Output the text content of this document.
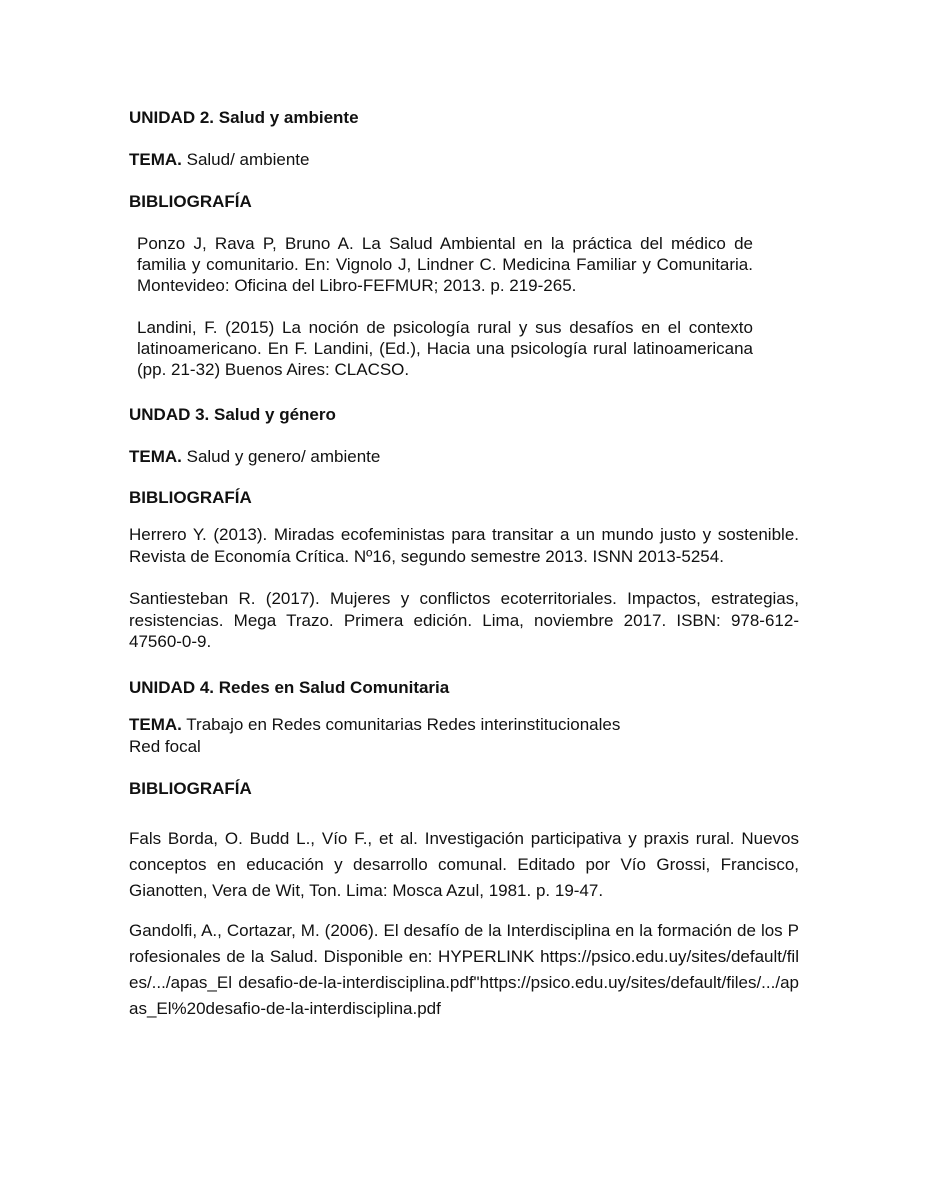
UNIDAD 2. Salud y ambiente
TEMA. Salud/ ambiente
BIBLIOGRAFÍA

Ponzo J, Rava P, Bruno A. La Salud Ambiental en la práctica del médico de familia y comunitario. En: Vignolo J, Lindner C. Medicina Familiar y Comunitaria. Montevideo: Oficina del Libro-FEFMUR; 2013. p. 219-265.

Landini, F. (2015) La noción de psicología rural y sus desafíos en el contexto latinoamericano. En F. Landini, (Ed.), Hacia una psicología rural latinoamericana (pp. 21-32) Buenos Aires: CLACSO.

UNDAD 3. Salud y género
TEMA. Salud y genero/ ambiente
BIBLIOGRAFÍA

Herrero Y. (2013). Miradas ecofeministas para transitar a un mundo justo y sostenible. Revista de Economía Crítica. Nº16, segundo semestre 2013. ISNN 2013-5254.

Santiesteban R. (2017). Mujeres y conflictos ecoterritoriales. Impactos, estrategias, resistencias. Mega Trazo. Primera edición. Lima, noviembre 2017. ISBN: 978-612-47560-0-9.

UNIDAD 4. Redes en Salud Comunitaria
TEMA. Trabajo en Redes comunitarias Redes interinstitucionales
Red focal
BIBLIOGRAFÍA

Fals Borda, O. Budd L., Vío F., et al. Investigación participativa y praxis rural. Nuevos conceptos en educación y desarrollo comunal. Editado por Vío Grossi, Francisco, Gianotten, Vera de Wit, Ton. Lima: Mosca Azul, 1981. p. 19-47.

Gandolfi, A., Cortazar, M. (2006). El desafío de la Interdisciplina en la formación de los Profesionales de la Salud. Disponible en: HYPERLINK https://psico.edu.uy/sites/default/files/.../apas_El desafio-de-la-interdisciplina.pdf"https://psico.edu.uy/sites/default/files/.../apas_El%20desafio-de-la-interdisciplina.pdf
